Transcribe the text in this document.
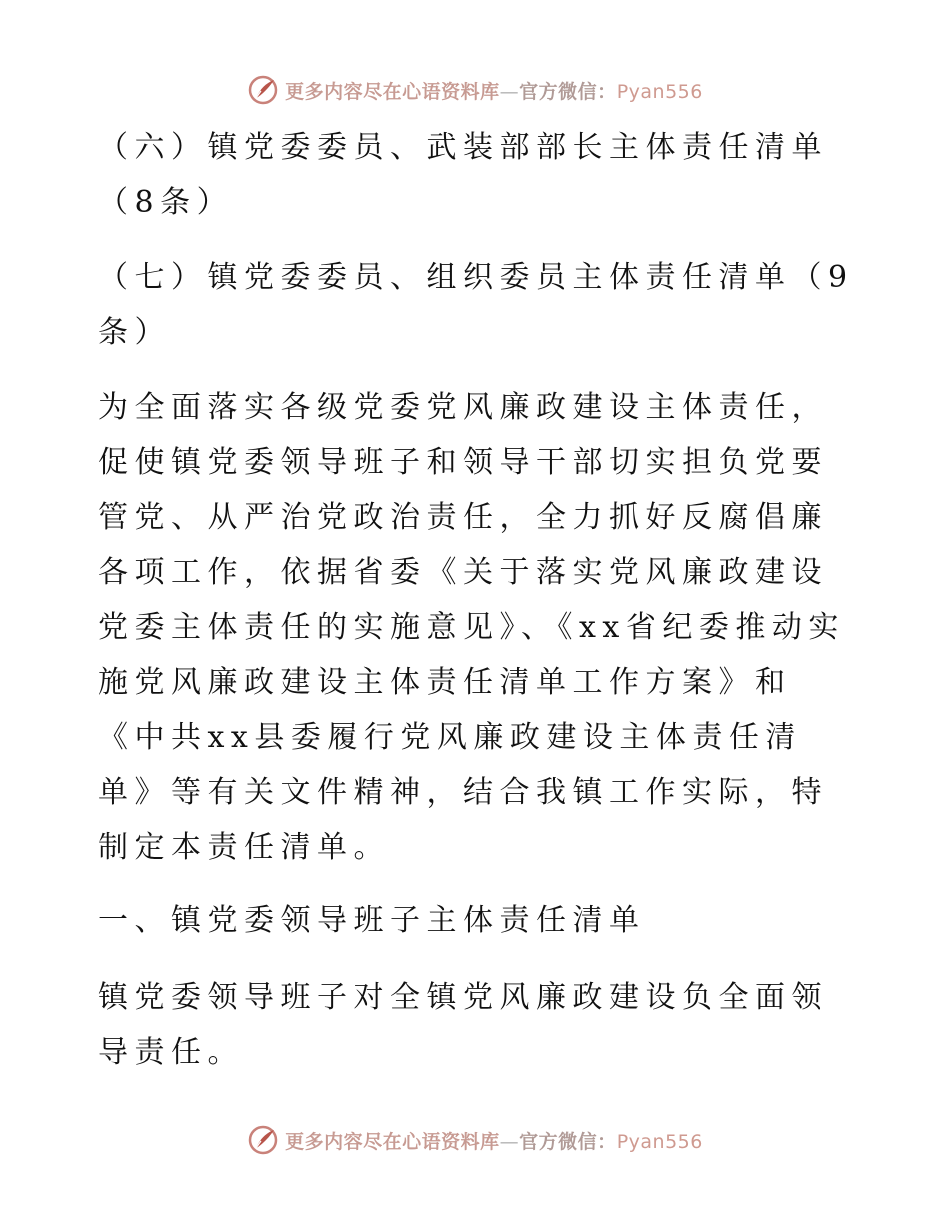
更多内容尽在心语资料库—官方微信：Pyan556

（六）镇党委委员、武装部部长主体责任清单（8条）

（七）镇党委委员、组织委员主体责任清单（9条）

为全面落实各级党委党风廉政建设主体责任，促使镇党委领导班子和领导干部切实担负党要管党、从严治党政治责任，全力抓好反腐倡廉各项工作，依据省委《关于落实党风廉政建设党委主体责任的实施意见》、《xx省纪委推动实施党风廉政建设主体责任清单工作方案》和《中共xx县委履行党风廉政建设主体责任清单》等有关文件精神，结合我镇工作实际，特制定本责任清单。

一、镇党委领导班子主体责任清单

镇党委领导班子对全镇党风廉政建设负全面领导责任。

更多内容尽在心语资料库—官方微信：Pyan556
